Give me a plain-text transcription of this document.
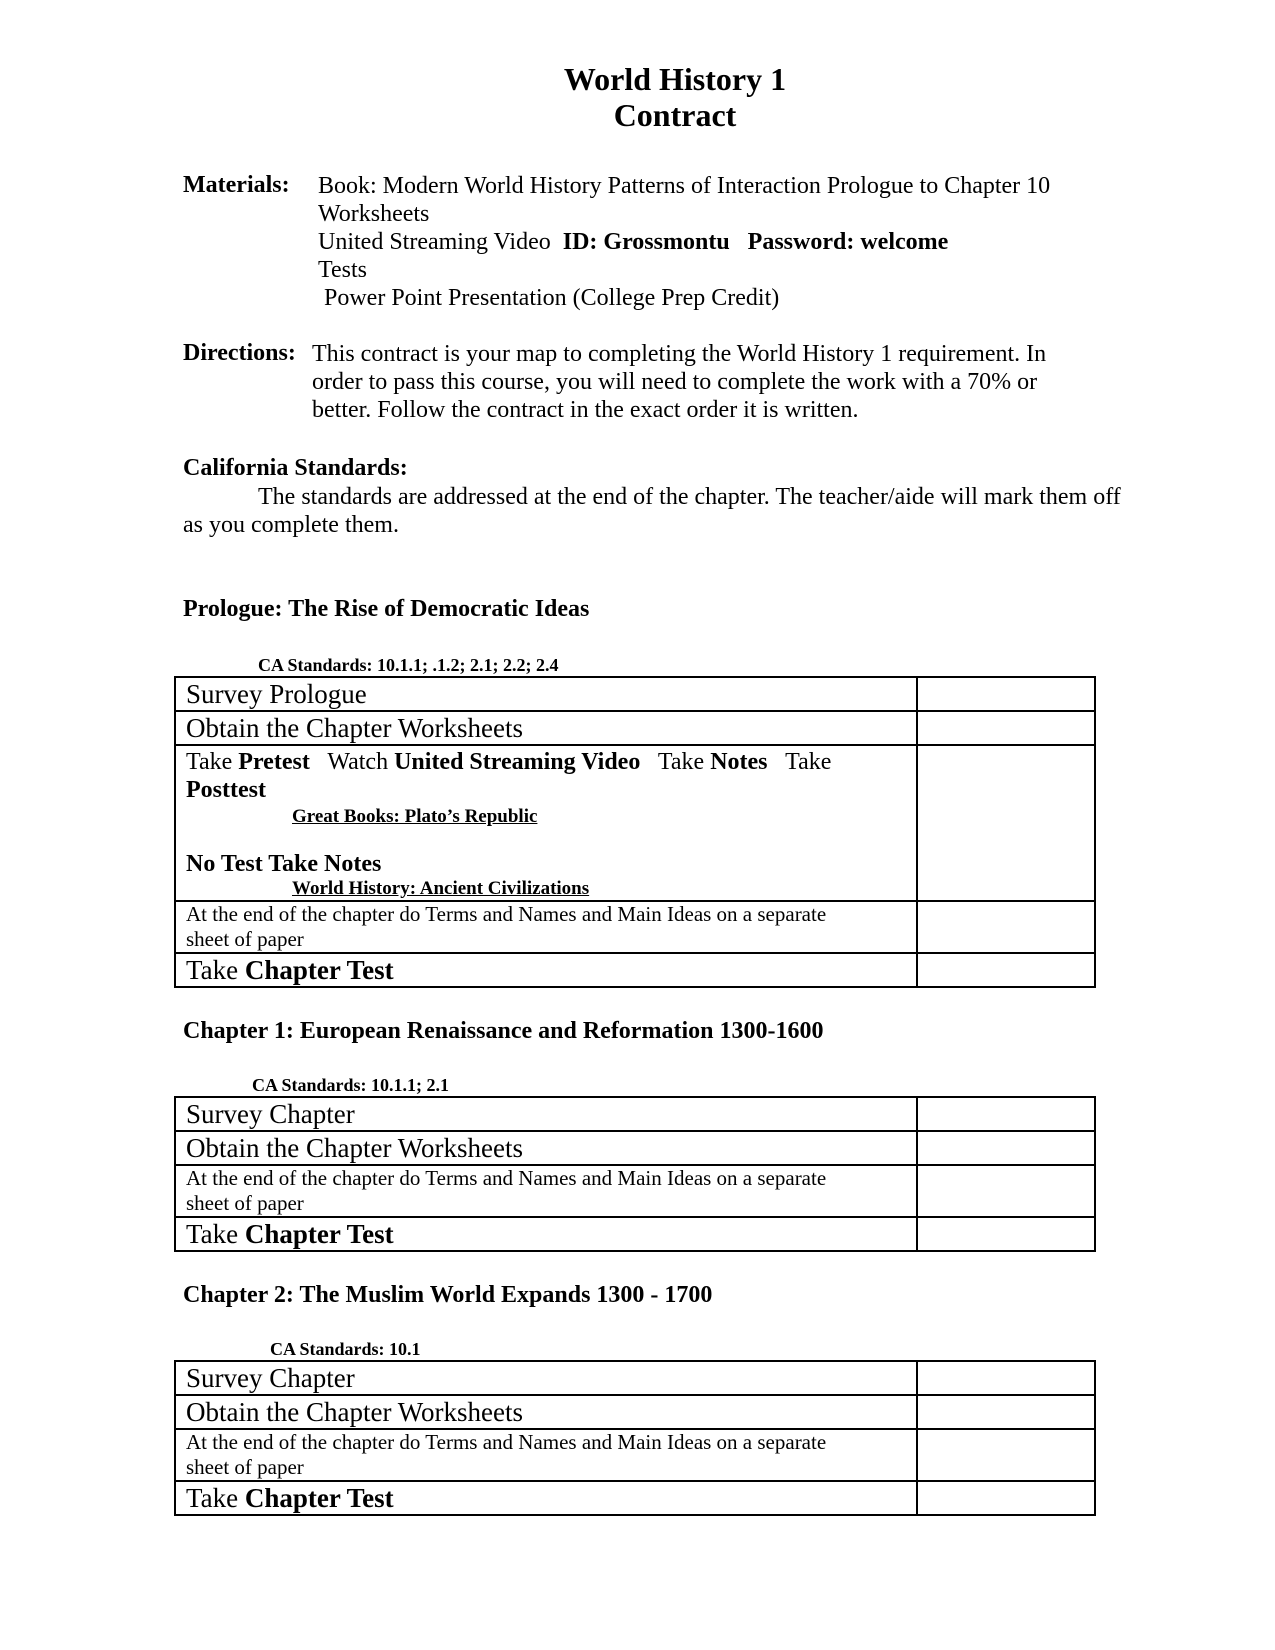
World History 1
Contract
Materials: Book: Modern World History Patterns of Interaction Prologue to Chapter 10
Worksheets
United Streaming Video ID: Grossmontu Password: welcome
Tests
Power Point Presentation (College Prep Credit)
Directions: This contract is your map to completing the World History 1 requirement. In
order to pass this course, you will need to complete the work with a 70% or
better. Follow the contract in the exact order it is written.
California Standards:
The standards are addressed at the end of the chapter. The teacher/aide will mark them off
as you complete them.
Prologue: The Rise of Democratic Ideas
CA Standards: 10.1.1; .1.2; 2.1; 2.2; 2.4
Survey Prologue	
Obtain the Chapter Worksheets	

Take Pretest   Watch United Streaming Video   Take Notes   Take
Posttest
Great Books: Plato’s Republic
No Test Take Notes
World History: Ancient Civilizations	

At the end of the chapter do Terms and Names and Main Ideas on a separate
sheet of paper	

Take Chapter Test	
Chapter 1: European Renaissance and Reformation 1300-1600
CA Standards: 10.1.1; 2.1
Survey Chapter	
Obtain the Chapter Worksheets	

At the end of the chapter do Terms and Names and Main Ideas on a separate
sheet of paper	

Take Chapter Test	
Chapter 2: The Muslim World Expands 1300 - 1700
CA Standards: 10.1
Survey Chapter	
Obtain the Chapter Worksheets	

At the end of the chapter do Terms and Names and Main Ideas on a separate
sheet of paper	

Take Chapter Test	
